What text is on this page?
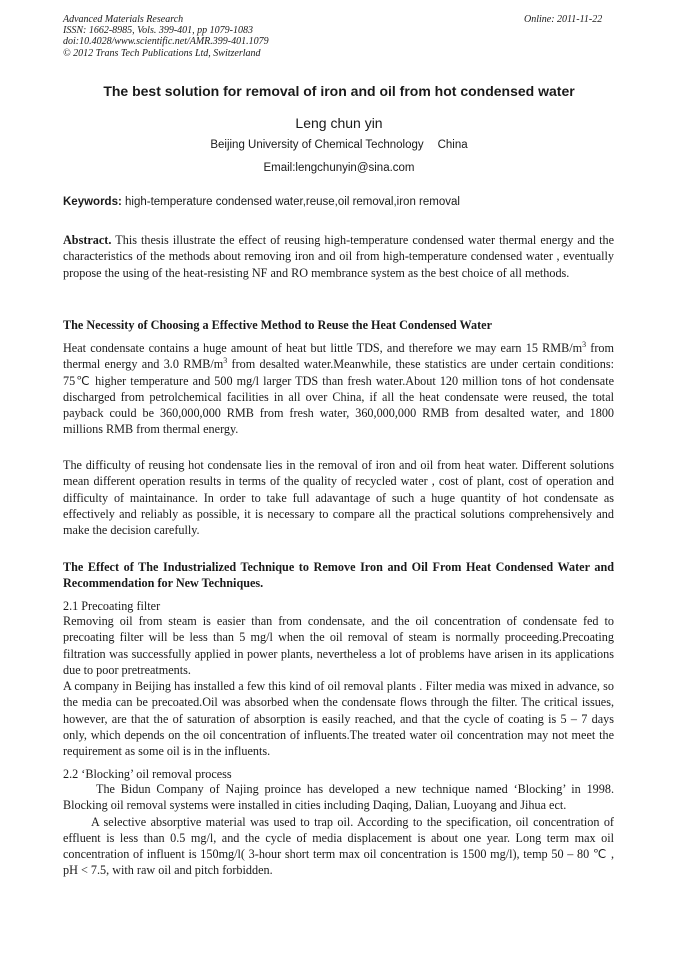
Advanced Materials Research
ISSN: 1662-8985, Vols. 399-401, pp 1079-1083
doi:10.4028/www.scientific.net/AMR.399-401.1079
© 2012 Trans Tech Publications Ltd, Switzerland
Online: 2011-11-22
The best solution for removal of iron and oil from hot condensed water
Leng chun yin
Beijing University of Chemical Technology China
Email:lengchunyin@sina.com
Keywords: high-temperature condensed water,reuse,oil removal,iron removal

Abstract. This thesis illustrate the effect of reusing high-temperature condensed water thermal energy and the characteristics of the methods about removing iron and oil from high-temperature condensed water , eventually propose the using of the heat-resisting NF and RO membrance system as the best choice of all methods.

The Necessity of Choosing a Effective Method to Reuse the Heat Condensed Water

Heat condensate contains a huge amount of heat but little TDS, and therefore we may earn 15 RMB/$m^3$ from thermal energy and 3.0 RMB/$m^3$ from desalted water.Meanwhile, these statistics are under certain conditions: 75℃ higher temperature and 500 mg/l larger TDS than fresh water.About 120 million tons of hot condensate discharged from petrolchemical facilities in all over China, if all the heat condensate were reused, the total payback could be 360,000,000 RMB from fresh water, 360,000,000 RMB from desalted water, and 1800 millions RMB from thermal energy.

The difficulty of reusing hot condensate lies in the removal of iron and oil from heat water. Different solutions mean different operation results in terms of the quality of recycled water , cost of plant, cost of operation and difficulty of maintainance. In order to take full adavantage of such a huge quantity of hot condensate as effectively and reliably as possible, it is necessary to compare all the practical solutions comprehensively and make the decision carefully.
The Effect of The Industrialized Technique to Remove Iron and Oil From Heat Condensed Water and Recommendation for New Techniques.
2.1 Precoating filter

Removing oil from steam is easier than from condensate, and the oil concentration of condensate fed to precoating filter will be less than 5 mg/l when the oil removal of steam is normally proceeding.Precoating filtration was successfully applied in power plants, nevertheless a lot of problems have arisen in its applications due to poor pretreatments.

A company in Beijing has installed a few this kind of oil removal plants . Filter media was mixed in advance, so the media can be precoated.Oil was absorbed when the condensate flows through the filter. The critical issues, however, are that the of saturation of absorption is easily reached, and that the cycle of coating is 5 – 7 days only, which depends on the oil concentration of influents.The treated water oil concentration may not meet the requirement as some oil is in the influents.

2.2 ‘Blocking’ oil removal process

The Bidun Company of Najing proince has developed a new technique named ‘Blocking’ in 1998. Blocking oil removal systems were installed in cities including Daqing, Dalian, Luoyang and Jihua ect.

A selective absorptive material was used to trap oil. According to the specification, oil concentration of effluent is less than 0.5 mg/l, and the cycle of media displacement is about one year. Long term max oil concentration of influent is 150mg/l( 3-hour short term max oil concentration is 1500 mg/l), temp 50 – 80 ℃ , pH < 7.5, with raw oil and pitch forbidden.
